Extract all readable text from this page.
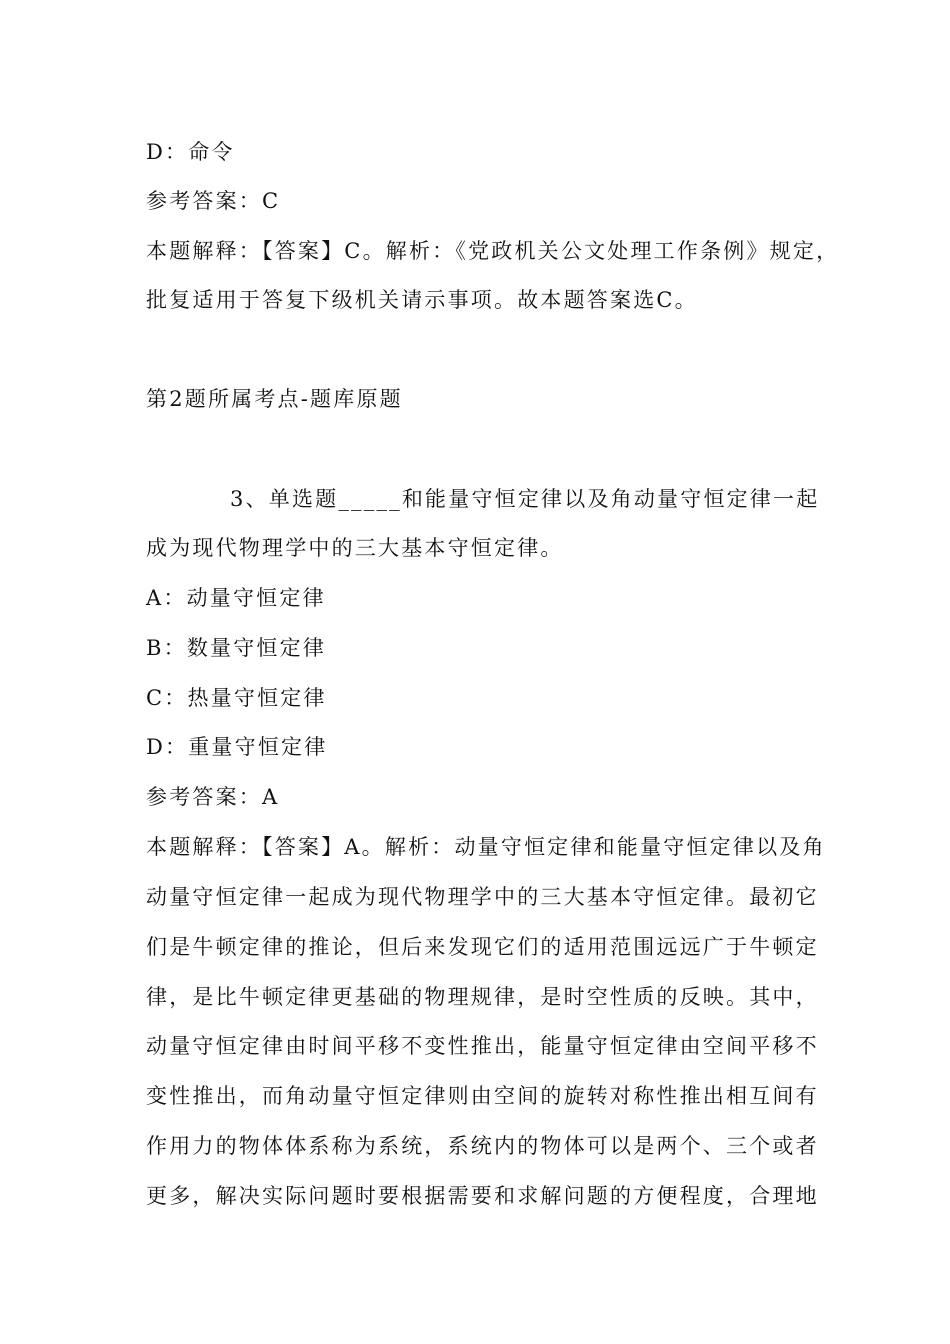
D：命令
参考答案：C
本题解释：【答案】C。解析：《党政机关公文处理工作条例》规定，
批复适用于答复下级机关请示事项。故本题答案选C。
第2题所属考点-题库原题
3、单选题_____和能量守恒定律以及角动量守恒定律一起
成为现代物理学中的三大基本守恒定律。
A：动量守恒定律
B：数量守恒定律
C：热量守恒定律
D：重量守恒定律
参考答案：A
本题解释：【答案】A。解析：动量守恒定律和能量守恒定律以及角
动量守恒定律一起成为现代物理学中的三大基本守恒定律。最初它
们是牛顿定律的推论，但后来发现它们的适用范围远远广于牛顿定
律，是比牛顿定律更基础的物理规律，是时空性质的反映。其中，
动量守恒定律由时间平移不变性推出，能量守恒定律由空间平移不
变性推出，而角动量守恒定律则由空间的旋转对称性推出相互间有
作用力的物体体系称为系统，系统内的物体可以是两个、三个或者
更多，解决实际问题时要根据需要和求解问题的方便程度，合理地
